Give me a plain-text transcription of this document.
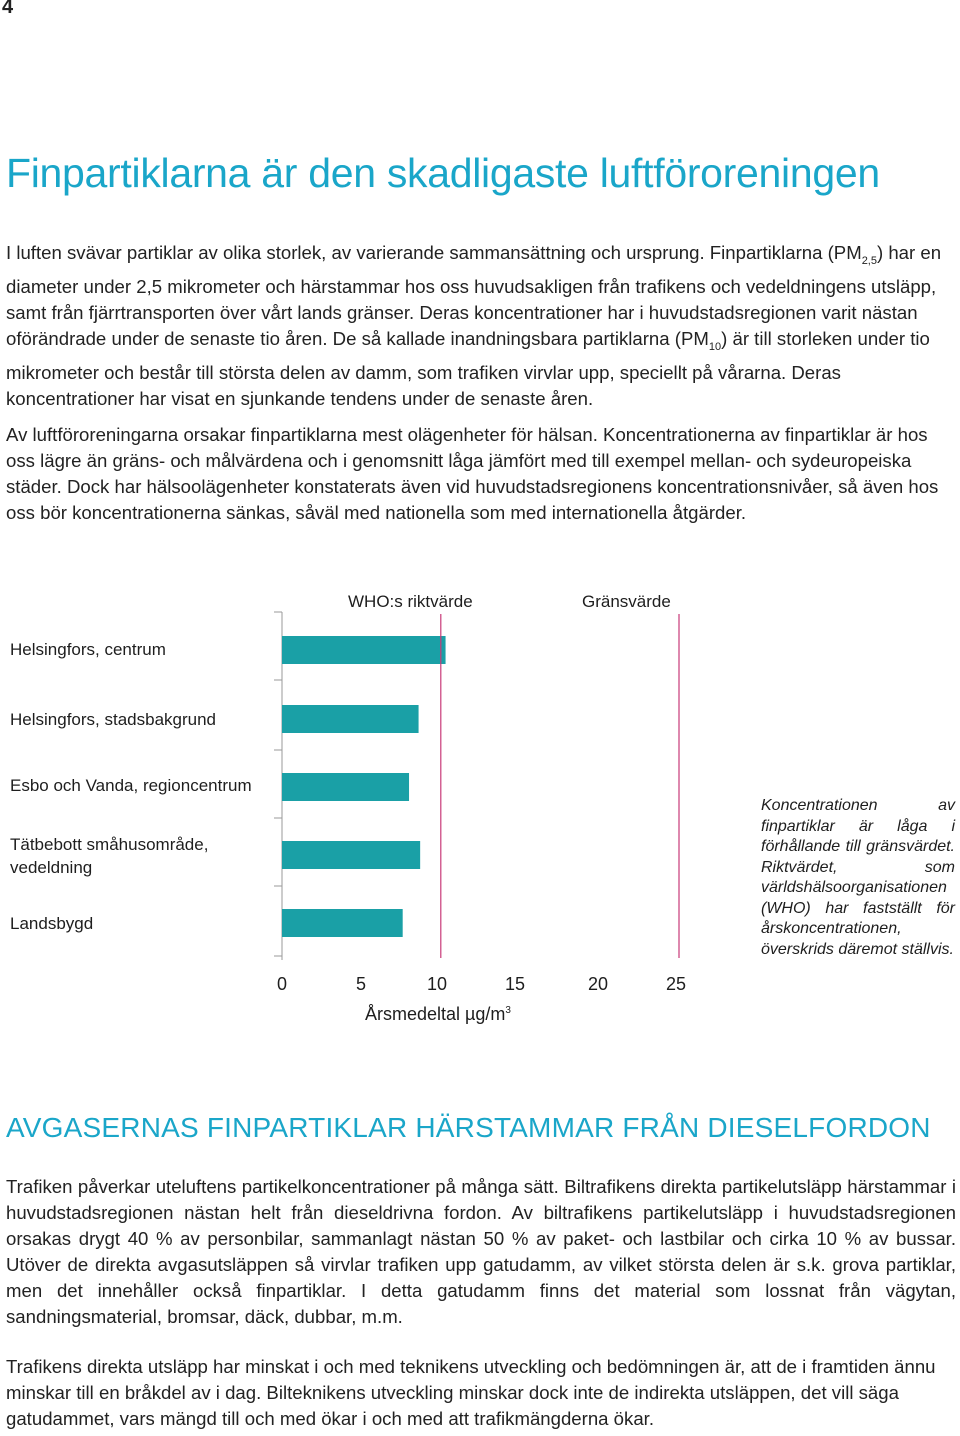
4
Finpartiklarna är den skadligaste luftföroreningen

I luften svävar partiklar av olika storlek, av varierande sammansättning och ursprung. Finpartiklarna $(PM_{2,5})$ har en diameter under 2,5 mikrometer och härstammar hos oss huvudsakligen från trafikens och vedeldningens utsläpp, samt från fjärrtransporten över vårt lands gränser. Deras koncentrationer har i huvudstadsregionen varit nästan oförändrade under de senaste tio åren. De så kallade inandningsbara partiklarna $(PM_{10})$ är till storleken under tio mikrometer och består till största delen av damm, som trafiken virvlar upp, speciellt på vårarna. Deras koncentrationer har visat en sjunkande tendens under de senaste åren.

Av luftföroreningarna orsakar finpartiklarna mest olägenheter för hälsan. Koncentrationerna av finpartiklar är hos oss lägre än gräns- och målvärdena och i genomsnitt låga jämfört med till exempel mellan- och sydeuropeiska städer. Dock har hälsoolägenheter konstaterats även vid huvudstadsregionens koncentrationsnivåer, så även hos oss bör koncentrationerna sänkas, såväl med nationella som med internationella åtgärder.

WHO:s riktvärde	Gränsvärde
Helsingfors, centrum
Helsingfors, stadsbakgrund
Esbo och Vanda, regioncentrum
Tätbebott småhusområde, vedeldning
Landsbygd
0	5	10	15	20	25
Årsmedeltal $\mu g/m^3$

Koncentrationen av finpartiklar är låga i förhållande till gränsvärdet. Riktvärdet, som världshälsoorganisationen (WHO) har fastställt för årskoncentrationen, överskrids däremot ställvis.

AVGASERNAS FINPARTIKLAR HÄRSTAMMAR FRÅN DIESELFORDON

Trafiken påverkar uteluftens partikelkoncentrationer på många sätt. Biltrafikens direkta partikelutsläpp härstammar i huvudstadsregionen nästan helt från dieseldrivna fordon. Av biltrafikens partikelutsläpp i huvudstadsregionen orsakas drygt 40 % av personbilar, sammanlagt nästan 50 % av paket- och lastbilar och cirka 10 % av bussar. Utöver de direkta avgasutsläppen så virvlar trafiken upp gatudamm, av vilket största delen är s.k. grova partiklar, men det innehåller också finpartiklar. I detta gatudamm finns det material som lossnat från vägytan, sandningsmaterial, bromsar, däck, dubbar, m.m.

Trafikens direkta utsläpp har minskat i och med teknikens utveckling och bedömningen är, att de i framtiden ännu minskar till en bråkdel av i dag. Bilteknikens utveckling minskar dock inte de indirekta utsläppen, det vill säga gatudammet, vars mängd till och med ökar i och med att trafikmängderna ökar.
